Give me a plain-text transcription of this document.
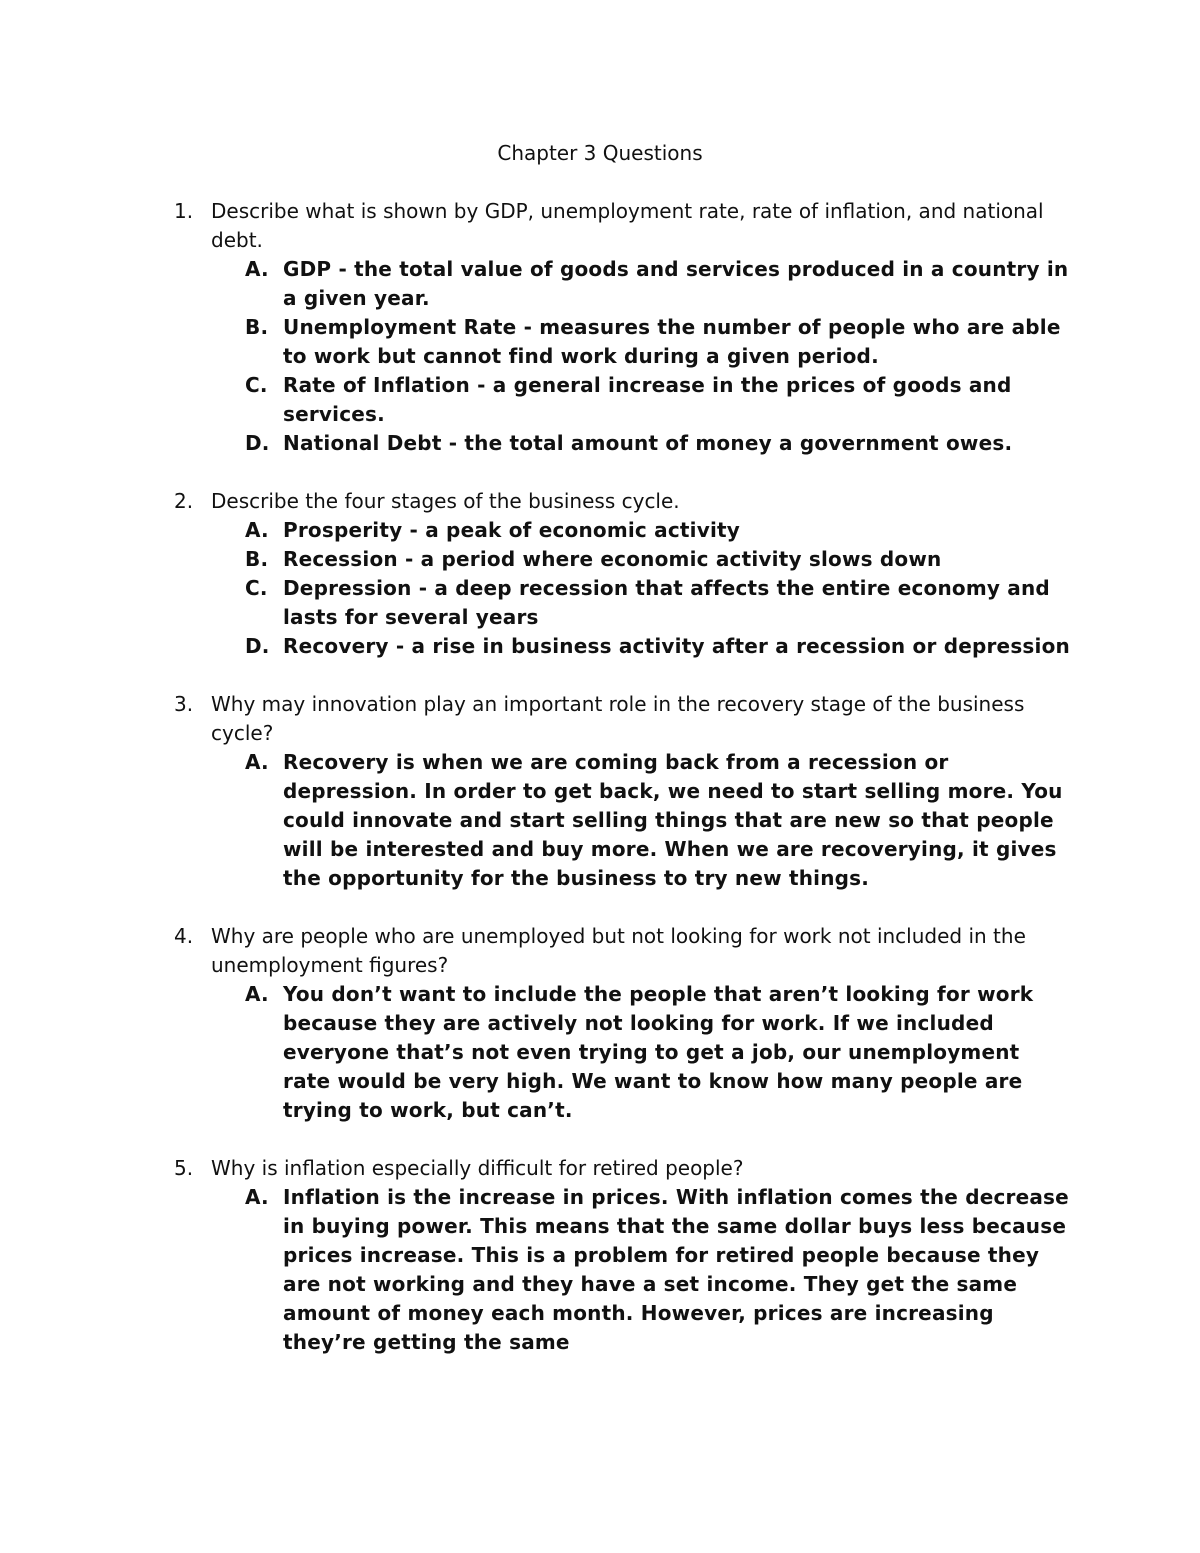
Chapter 3 Questions
1. Describe what is shown by GDP, unemployment rate, rate of inflation, and national debt.

A. GDP - the total value of goods and services produced in a country in a given year.

B. Unemployment Rate - measures the number of people who are able to work but cannot find work during a given period.

C. Rate of Inflation - a general increase in the prices of goods and services.

D. National Debt - the total amount of money a government owes.

2. Describe the four stages of the business cycle.

A. Prosperity - a peak of economic activity

B. Recession - a period where economic activity slows down

C. Depression - a deep recession that affects the entire economy and lasts for several years

D. Recovery - a rise in business activity after a recession or depression

3. Why may innovation play an important role in the recovery stage of the business cycle?

A. Recovery is when we are coming back from a recession or depression. In order to get back, we need to start selling more. You could innovate and start selling things that are new so that people will be interested and buy more. When we are recoverying, it gives the opportunity for the business to try new things.

4. Why are people who are unemployed but not looking for work not included in the unemployment figures?

A. You don’t want to include the people that aren’t looking for work because they are actively not looking for work. If we included everyone that’s not even trying to get a job, our unemployment rate would be very high. We want to know how many people are trying to work, but can’t.

5. Why is inflation especially difficult for retired people?

A. Inflation is the increase in prices. With inflation comes the decrease in buying power. This means that the same dollar buys less because prices increase. This is a problem for retired people because they are not working and they have a set income. They get the same amount of money each month. However, prices are increasing they’re getting the same
